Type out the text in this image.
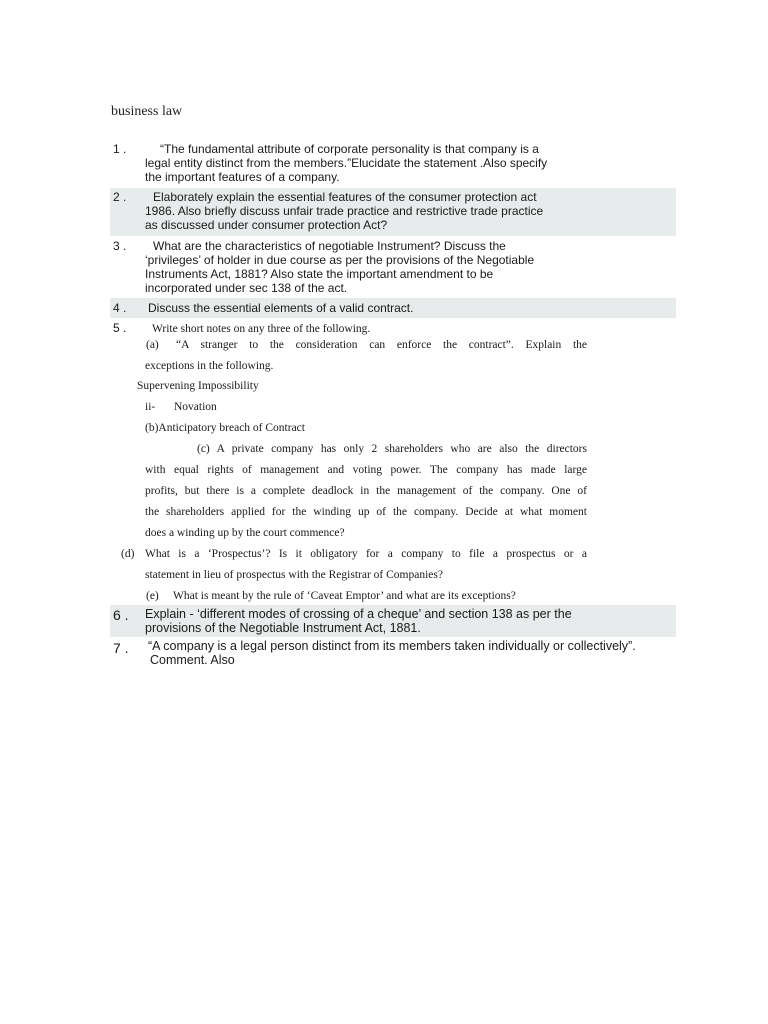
business law
1 .	“The fundamental attribute of corporate personality is that company is a
legal entity distinct from the members.”Elucidate the statement .Also specify
the important features of a company.
2 .	Elaborately explain the essential features of the consumer protection act
1986. Also briefly discuss unfair trade practice and restrictive trade practice
as discussed under consumer protection Act?
3 .	What are the characteristics of negotiable Instrument? Discuss the
‘privileges’ of holder in due course as per the provisions of the Negotiable
Instruments Act, 1881? Also state the important amendment to be
incorporated under sec 138 of the act.
4 . Discuss the essential elements of a valid contract.
5 . Write short notes on any three of the following.
(a) “A stranger to the consideration can enforce the contract”. Explain the
exceptions in the following.
Supervening Impossibility
ii- Novation
(b)Anticipatory breach of Contract
(c) A private company has only 2 shareholders who are also the directors
with equal rights of management and voting power. The company has made large
profits, but there is a complete deadlock in the management of the company. One of
the shareholders applied for the winding up of the company. Decide at what moment
does a winding up by the court commence?
(d) What is a ‘Prospectus’? Is it obligatory for a company to file a prospectus or a
statement in lieu of prospectus with the Registrar of Companies?
(e) What is meant by the rule of ‘Caveat Emptor’ and what are its exceptions?
6 . Explain - ‘different modes of crossing of a cheque’ and section 138 as per the
provisions of the Negotiable Instrument Act, 1881.
7 . “A company is a legal person distinct from its members taken individually or collectively”.
Comment. Also
